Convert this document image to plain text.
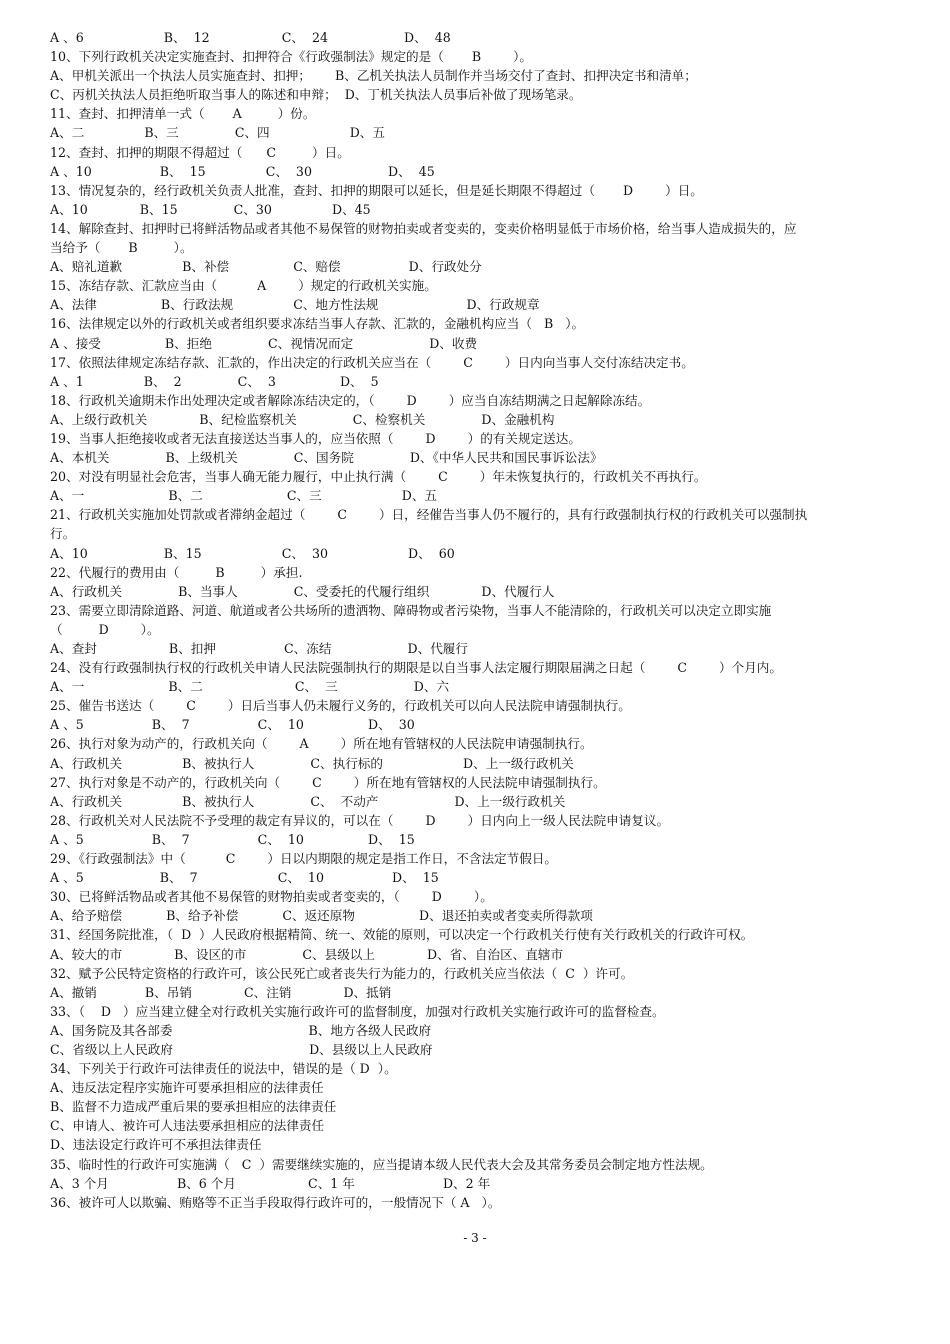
A 、6                    B、  12                  C、  24                   D、  48
10、下列行政机关决定实施查封、扣押符合《行政强制法》规定的是（       B        ）。
A、甲机关派出一个执法人员实施查封、扣押；      B、乙机关执法人员制作并当场交付了查封、扣押决定书和清单；
C、丙机关执法人员拒绝听取当事人的陈述和申辩；  D、丁机关执法人员事后补做了现场笔录。
11、查封、扣押清单一式（       A         ）份。
A、二               B、三              C、四                    D、五
12、查封、扣押的期限不得超过（      C         ）日。
A 、10                 B、  15               C、  30                   D、  45
13、情况复杂的，经行政机关负责人批准，查封、扣押的期限可以延长，但是延长期限不得超过（       D        ）日。
A、10             B、15              C、30               D、45
14、解除查封、扣押时已将鲜活物品或者其他不易保管的财物拍卖或者变卖的，变卖价格明显低于市场价格，给当事人造成损失的，应
当给予（       B         ）。
A、赔礼道歉               B、补偿                C、赔偿                 D、行政处分
15、冻结存款、汇款应当由（          A        ）规定的行政机关实施。
A、法律                B、行政法规               C、地方性法规                      D、行政规章
16、法律规定以外的行政机关或者组织要求冻结当事人存款、汇款的，金融机构应当（   B   ）。
A 、接受                B、拒绝              C、视情况而定                   D、收费
17、依照法律规定冻结存款、汇款的，作出决定的行政机关应当在（        C        ）日内向当事人交付冻结决定书。
A 、1               B、  2              C、  3                D、  5
18、行政机关逾期未作出处理决定或者解除冻结决定的，（        D        ）应当自冻结期满之日起解除冻结。
A、上级行政机关             B、纪检监察机关              C、检察机关              D、金融机构
19、当事人拒绝接收或者无法直接送达当事人的，应当依照（        D        ）的有关规定送达。
A、本机关              B、上级机关              C、国务院              D、《中华人民共和国民事诉讼法》
20、对没有明显社会危害，当事人确无能力履行，中止执行满（        C        ）年未恢复执行的，行政机关不再执行。
A、一                     B、二                     C、三                    D、五
21、行政机关实施加处罚款或者滞纳金超过（        C        ）日，经催告当事人仍不履行的，具有行政强制执行权的行政机关可以强制执
行。
A、10                   B、15                    C、  30                    D、  60
22、代履行的费用由（         B         ）承担.
A、行政机关              B、当事人              C、受委托的代履行组织             D、代履行人
23、需要立即清除道路、河道、航道或者公共场所的遗洒物、障碍物或者污染物，当事人不能清除的，行政机关可以决定立即实施
（         D        ）。
A、查封                  B、扣押                 C、冻结                   D、代履行
24、没有行政强制执行权的行政机关申请人民法院强制执行的期限是以自当事人法定履行期限届满之日起（        C        ）个月内。
A、一                     B、二                       C、  三                   D、六
25、催告书送达（        C        ）日后当事人仍未履行义务的，行政机关可以向人民法院申请强制执行。
A 、5                 B、  7                 C、  10                D、  30
26、执行对象为动产的，行政机关向（        A        ）所在地有管辖权的人民法院申请强制执行。
A、行政机关               B、被执行人              C、执行标的                    D、上一级行政机关
27、执行对象是不动产的，行政机关向（        C        ）所在地有管辖权的人民法院申请强制执行。
A、行政机关               B、被执行人              C、  不动产                   D、上一级行政机关
28、行政机关对人民法院不予受理的裁定有异议的，可以在（        D        ）日内向上一级人民法院申请复议。
A 、5                 B、  7                 C、  10                D、  15
29、《行政强制法》中（          C        ）日以内期限的规定是指工作日，不含法定节假日。
A 、5                   B、  7                    C、  10                 D、  15
30、已将鲜活物品或者其他不易保管的财物拍卖或者变卖的，（        D        ）。
A、给予赔偿           B、给予补偿           C、返还原物                D、退还拍卖或者变卖所得款项
31、经国务院批准，（  D  ）人民政府根据精简、统一、效能的原则，可以决定一个行政机关行使有关行政机关的行政许可权。
A、较大的市             B、设区的市              C、县级以上             D、省、自治区、直辖市
32、赋予公民特定资格的行政许可，该公民死亡或者丧失行为能力的，行政机关应当依法（  C  ）许可。
A、撤销            B、吊销             C、注销             D、抵销
33、（    D   ）应当建立健全对行政机关实施行政许可的监督制度，加强对行政机关实施行政许可的监督检查。
A、国务院及其各部委                                  B、地方各级人民政府
C、省级以上人民政府                                  D、县级以上人民政府
34、下列关于行政许可法律责任的说法中，错误的是（ D  ）。
A、违反法定程序实施许可要承担相应的法律责任
B、监督不力造成严重后果的要承担相应的法律责任
C、申请人、被许可人违法要承担相应的法律责任
D、违法设定行政许可不承担法律责任
35、临时性的行政许可实施满（   C  ）需要继续实施的，应当提请本级人民代表大会及其常务委员会制定地方性法规。
A、3 个月                 B、6 个月                  C、1 年                      D、2 年
36、被许可人以欺骗、贿赂等不正当手段取得行政许可的，一般情况下（ A   ）。
- 3 -
